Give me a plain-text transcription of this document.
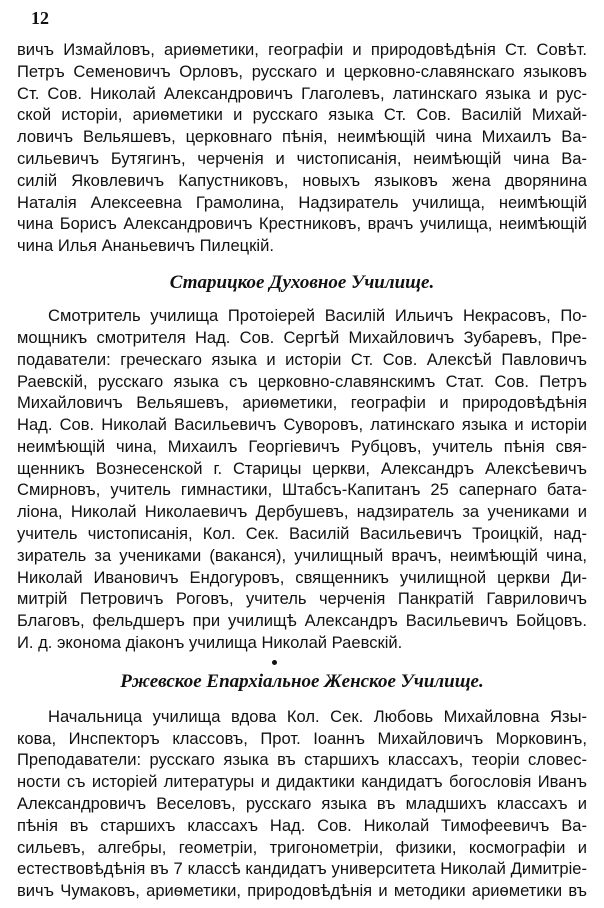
12
вичъ Измайловъ, ариѳметики, географіи и природовѣдѣнія Ст. Совѣт.
Петръ Семеновичъ Орловъ, русскаго и церковно-славянскаго языковъ
Ст. Сов. Николай Александровичъ Глаголевъ, латинскаго языка и рус-
ской исторіи, ариѳметики и русскаго языка Ст. Сов. Василій Михай-
ловичъ Вельяшевъ, церковнаго пѣнія, неимѣющій чина Михаилъ Ва-
сильевичъ Бутягинъ, черченія и чистописанія, неимѣющій чина Ва-
силій Яковлевичъ Капустниковъ, новыхъ языковъ жена дворянина
Наталія Алексеевна Грамолина, Надзиратель училища, неимѣющій
чина Борисъ Александровичъ Крестниковъ, врачъ училища, неимѣющій
чина Илья Ананьевичъ Пилецкій.
Старицкое Духовное Училище.
Смотритель училища Протоіерей Василій Ильичъ Некрасовъ, По-
мощникъ смотрителя Над. Сов. Сергѣй Михайловичъ Зубаревъ, Пре-
подаватели: греческаго языка и исторіи Ст. Сов. Алексѣй Павловичъ
Раевскій, русскаго языка съ церковно-славянскимъ Стат. Сов. Петръ
Михайловичъ Вельяшевъ, ариѳметики, географіи и природовѣдѣнія
Над. Сов. Николай Васильевичъ Суворовъ, латинскаго языка и исторіи
неимѣющій чина, Михаилъ Георгіевичъ Рубцовъ, учитель пѣнія свя-
щенникъ Вознесенской г. Старицы церкви, Александръ Алексѣевичъ
Смирновъ, учитель гимнастики, Штабсъ-Капитанъ 25 сапернаго бата-
ліона, Николай Николаевичъ Дербушевъ, надзиратель за учениками и
учитель чистописанія, Кол. Сек. Василій Васильевичъ Троицкій, над-
зиратель за учениками (ваканся), училищный врачъ, неимѣющій чина,
Николай Ивановичъ Ендогуровъ, священникъ училищной церкви Ди-
митрій Петровичъ Роговъ, учитель черченія Панкратій Гавриловичъ
Благовъ, фельдшеръ при училищѣ Александръ Васильевичъ Бойцовъ.
И. д. эконома діаконъ училища Николай Раевскій.
Ржевское Епархіальное Женское Училище.
Начальница училища вдова Кол. Сек. Любовь Михайловна Язы-
кова, Инспекторъ классовъ, Прот. Іоаннъ Михайловичъ Морковинъ,
Преподаватели: русскаго языка въ старшихъ классахъ, теоріи словес-
ности съ исторіей литературы и дидактики кандидатъ богословія Иванъ
Александровичъ Веселовъ, русскаго языка въ младшихъ классахъ и
пѣнія въ старшихъ классахъ Над. Сов. Николай Тимофеевичъ Ва-
сильевъ, алгебры, геометріи, тригонометріи, физики, космографіи и
естествовѣдѣнія въ 7 классѣ кандидатъ университета Николай Димитріе-
вичъ Чумаковъ, ариѳметики, природовѣдѣнія и методики ариѳметики въ
